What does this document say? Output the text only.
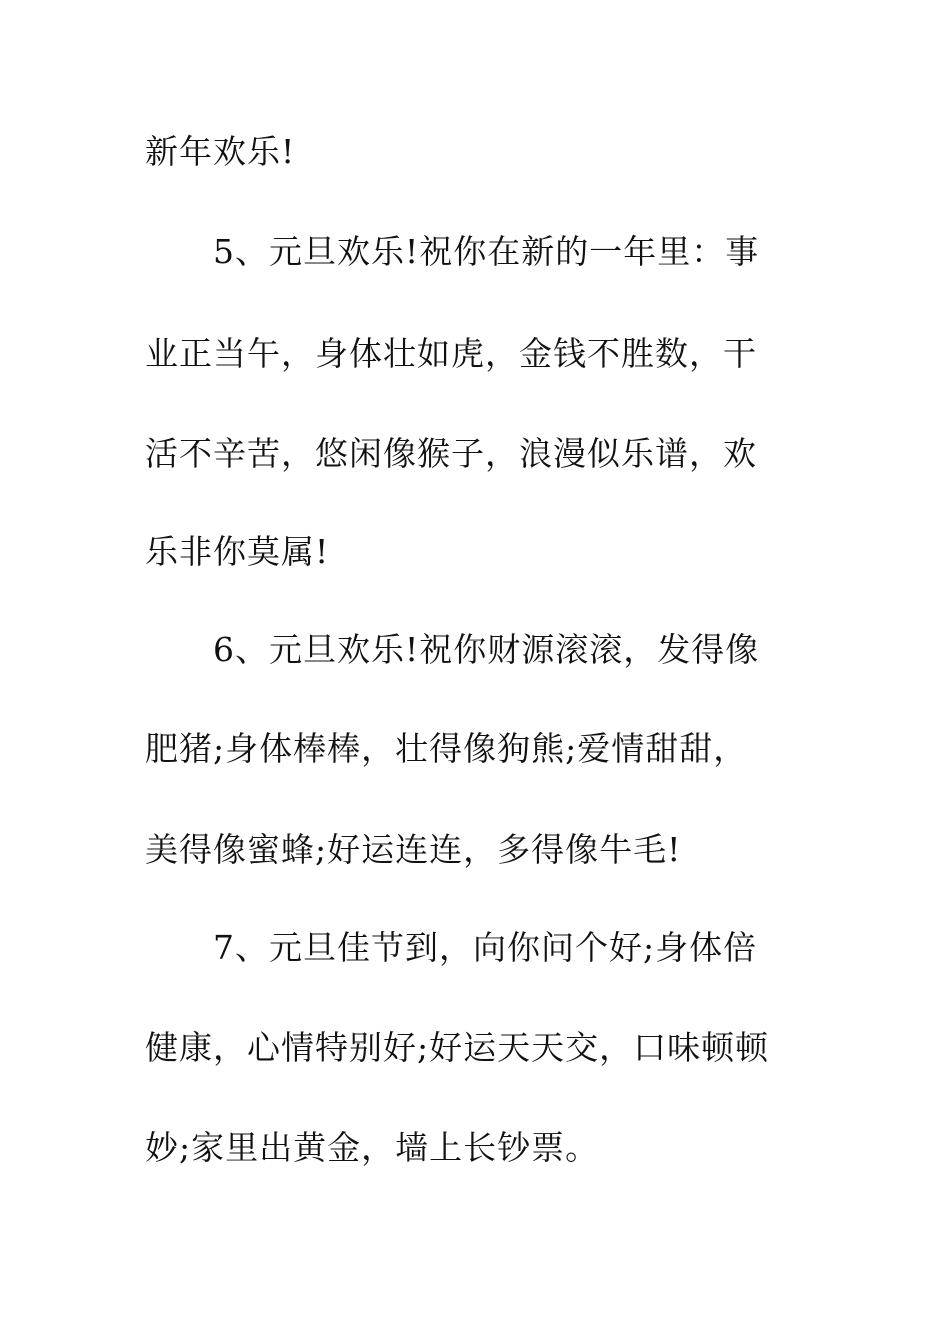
新年欢乐!
5、元旦欢乐!祝你在新的一年里：事
业正当午，身体壮如虎，金钱不胜数，干
活不辛苦，悠闲像猴子，浪漫似乐谱，欢
乐非你莫属!
6、元旦欢乐!祝你财源滚滚，发得像
肥猪;身体棒棒，壮得像狗熊;爱情甜甜，
美得像蜜蜂;好运连连，多得像牛毛!
7、元旦佳节到，向你问个好;身体倍
健康，心情特别好;好运天天交，口味顿顿
妙;家里出黄金，墙上长钞票。
